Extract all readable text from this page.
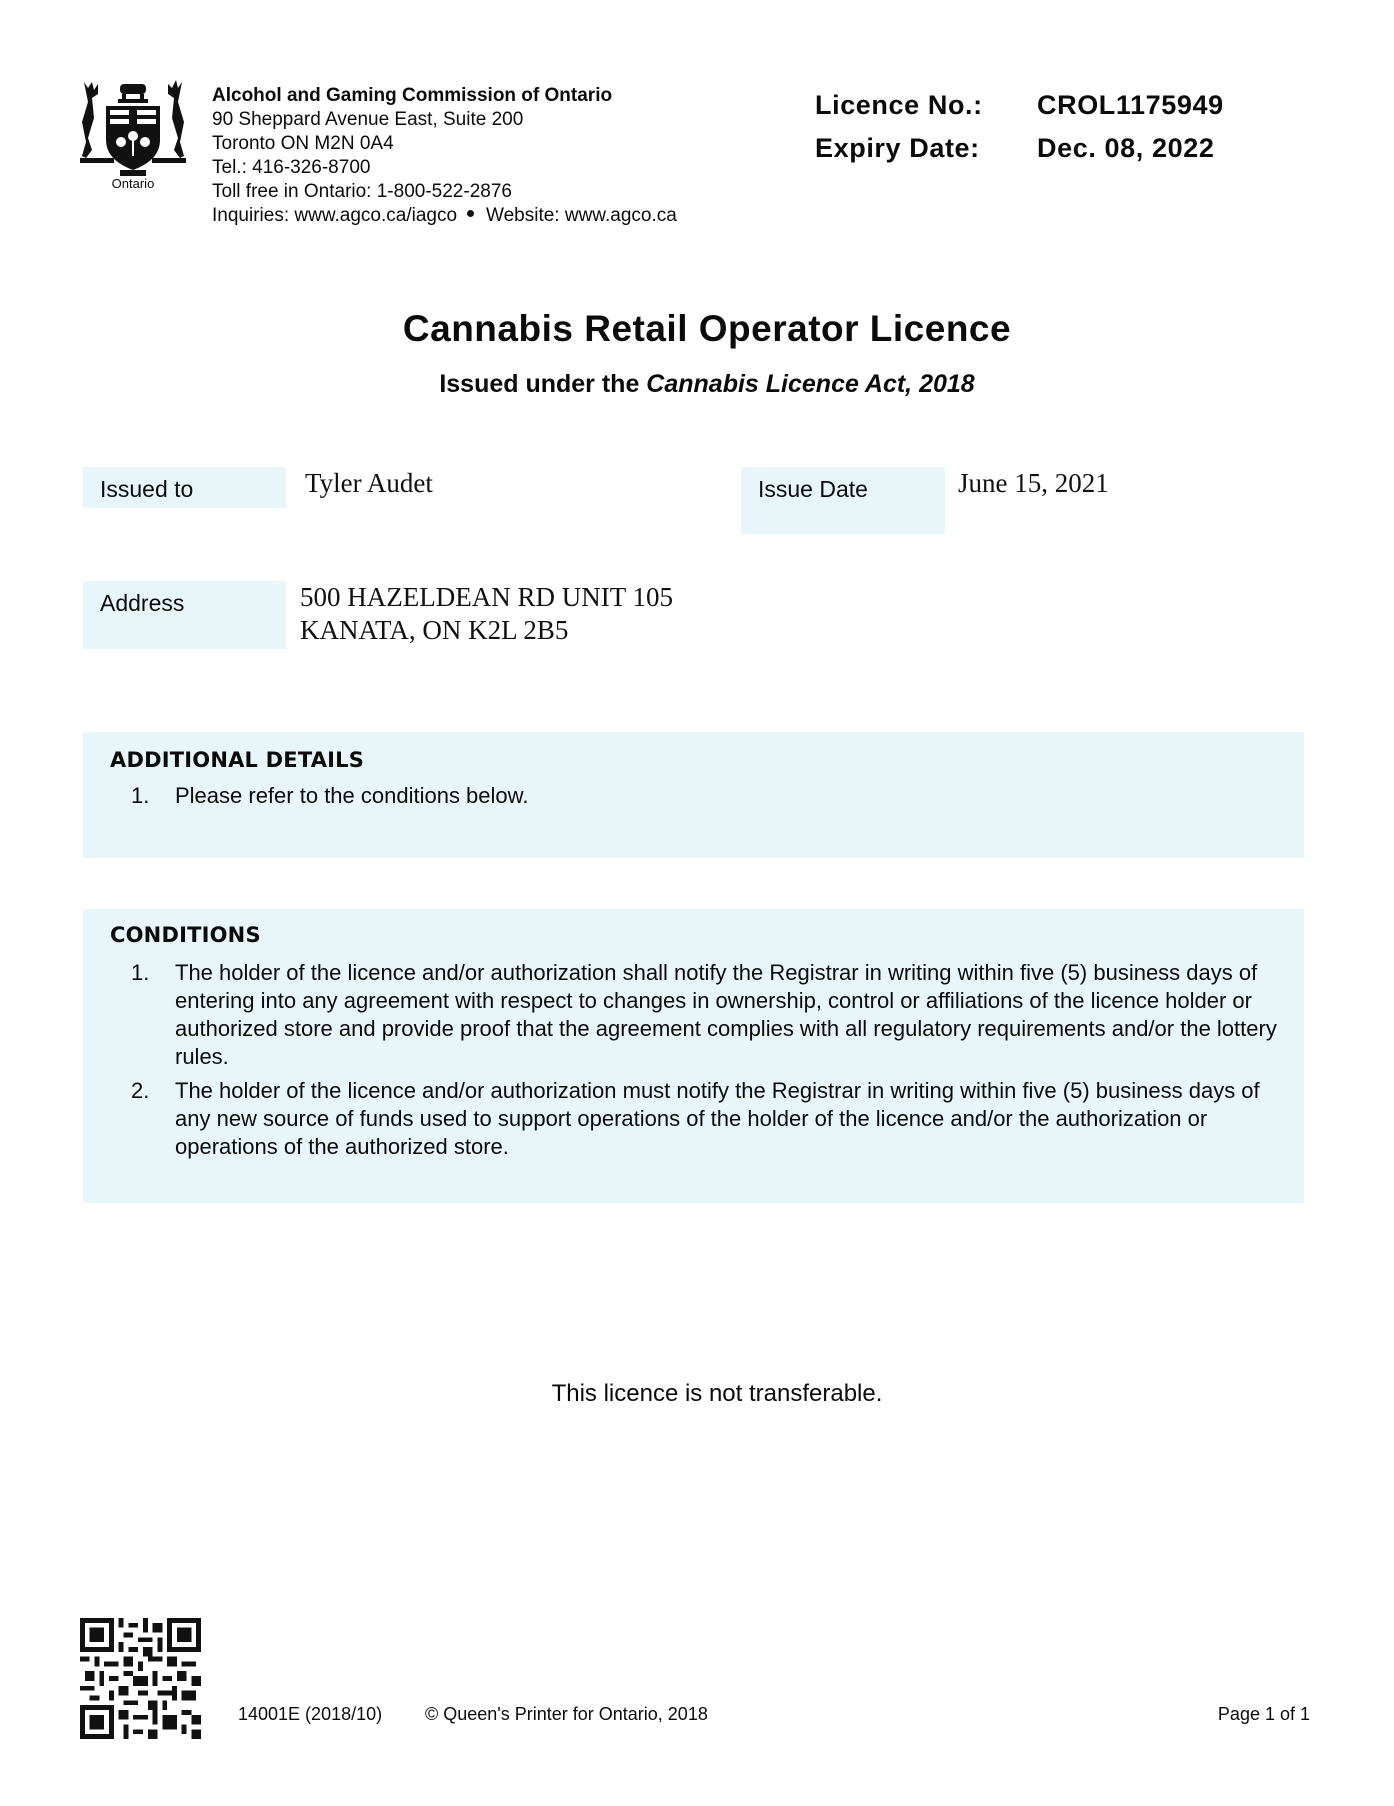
Ontario
Alcohol and Gaming Commission of Ontario
90 Sheppard Avenue East, Suite 200
Toronto ON M2N 0A4
Tel.: 416-326-8700
Toll free in Ontario: 1-800-522-2876
Inquiries: www.agco.ca/iagco Website: www.agco.ca
Licence No.:	CROL1175949
Expiry Date:	Dec. 08, 2022
Cannabis Retail Operator Licence
Issued under the Cannabis Licence Act, 2018
Issued to	Tyler Audet	Issue Date	June 15, 2021
Address	500 HAZELDEAN RD UNIT 105
KANATA, ON K2L 2B5
ADDITIONAL DETAILS
1.	Please refer to the conditions below.
CONDITIONS
1.	The holder of the licence and/or authorization shall notify the Registrar in writing within five (5) business days of entering into any agreement with respect to changes in ownership, control or affiliations of the licence holder or authorized store and provide proof that the agreement complies with all regulatory requirements and/or the lottery rules.
2.	The holder of the licence and/or authorization must notify the Registrar in writing within five (5) business days of any new source of funds used to support operations of the holder of the licence and/or the authorization or operations of the authorized store.
This licence is not transferable.
14001E (2018/10) © Queen's Printer for Ontario, 2018	Page 1 of 1
